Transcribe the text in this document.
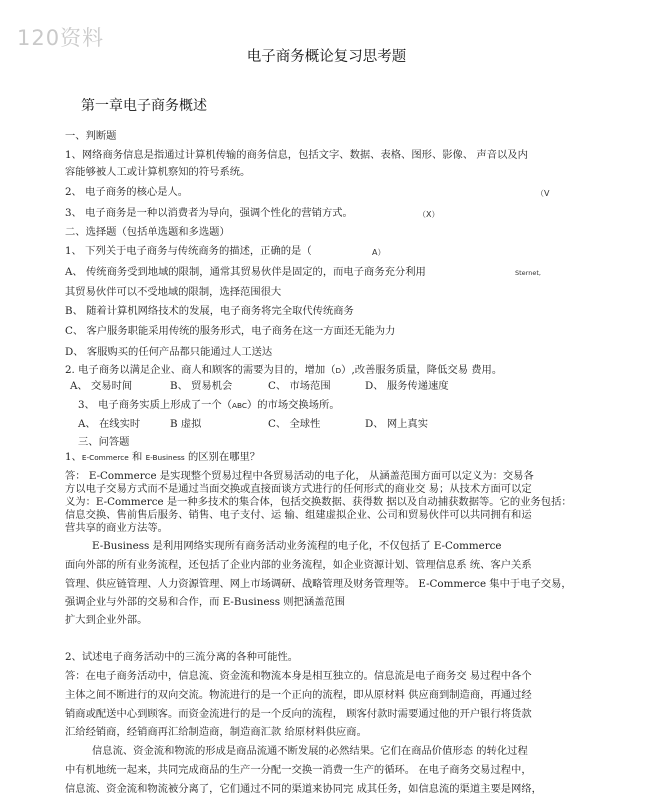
120资料
电子商务概论复习思考题
第一章电子商务概述
一、判断题
1、网络商务信息是指通过计算机传输的商务信息，包括文字、数据、表格、图形、影像、 声音以及内
容能够被人工或计算机察知的符号系统。
2、 电子商务的核心是人。	（V
3、 电子商务是一种以消费者为导向，强调个性化的营销方式。	（X）
二、选择题（包括单选题和多选题）
1、 下列关于电子商务与传统商务的描述，正确的是（	A）
A、 传统商务受到地域的限制，通常其贸易伙伴是固定的，而电子商务充分利用	Sternet,
其贸易伙伴可以不受地域的限制，选择范围很大
B、 随着计算机网络技术的发展，电子商务将完全取代传统商务
C、 客户服务职能采用传统的服务形式，电子商务在这一方面还无能为力
D、 客服购买的任何产品都只能通过人工送达
2. 电子商务以满足企业、商人和顾客的需要为目的，增加（D）,改善服务质量，降低交易 费用。
A、 交易时间	B、 贸易机会	C、 市场范围	D、 服务传递速度
3、 电子商务实质上形成了一个（ABC）的市场交换场所。
A、 在线实时	B 虚拟	C、 全球性	D、 网上真实
三、问答题
1、E-Commerce 和 E-Business 的区别在哪里？
答： E-Commerce 是实现整个贸易过程中各贸易活动的电子化， 从涵盖范围方面可以定义为：交易各
方以电子交易方式而不是通过当面交换或直接面谈方式进行的任何形式的商业交 易；从技术方面可以定
义为：E-Commerce 是一种多技术的集合体，包括交换数据、获得数 据以及自动捕获数据等。它的业务包括：
信息交换、售前售后服务、销售、电子支付、运 输、组建虚拟企业、公司和贸易伙伴可以共同拥有和运
营共享的商业方法等。
E-Business 是利用网络实现所有商务活动业务流程的电子化，不仅包括了 E-Commerce
面向外部的所有业务流程，还包括了企业内部的业务流程，如企业资源计划、管理信息系 统、客户关系
管理、供应链管理、人力资源管理、网上市场调研、战略管理及财务管理等。 E-Commerce 集中于电子交易，
强调企业与外部的交易和合作，而 E-Business 则把涵盖范围
扩大到企业外部。
2、试述电子商务活动中的三流分离的各种可能性。
答：在电子商务活动中，信息流、资金流和物流本身是相互独立的。信息流是电子商务交 易过程中各个
主体之间不断进行的双向交流。物流进行的是一个正向的流程，即从原材料 供应商到制造商，再通过经
销商或配送中心到顾客。而资金流进行的是一个反向的流程， 顾客付款时需要通过他的开户银行将货款
汇给经销商，经销商再汇给制造商，制造商汇款 给原材料供应商。
信息流、资金流和物流的形成是商品流通不断发展的必然结果。它们在商品价值形态 的转化过程
中有机地统一起来，共同完成商品的生产一分配一交换一消费一生产的循环。 在电子商务交易过程中，
信息流、资金流和物流被分离了，它们通过不同的渠道来协同完 成其任务，如信息流的渠道主要是网络，
